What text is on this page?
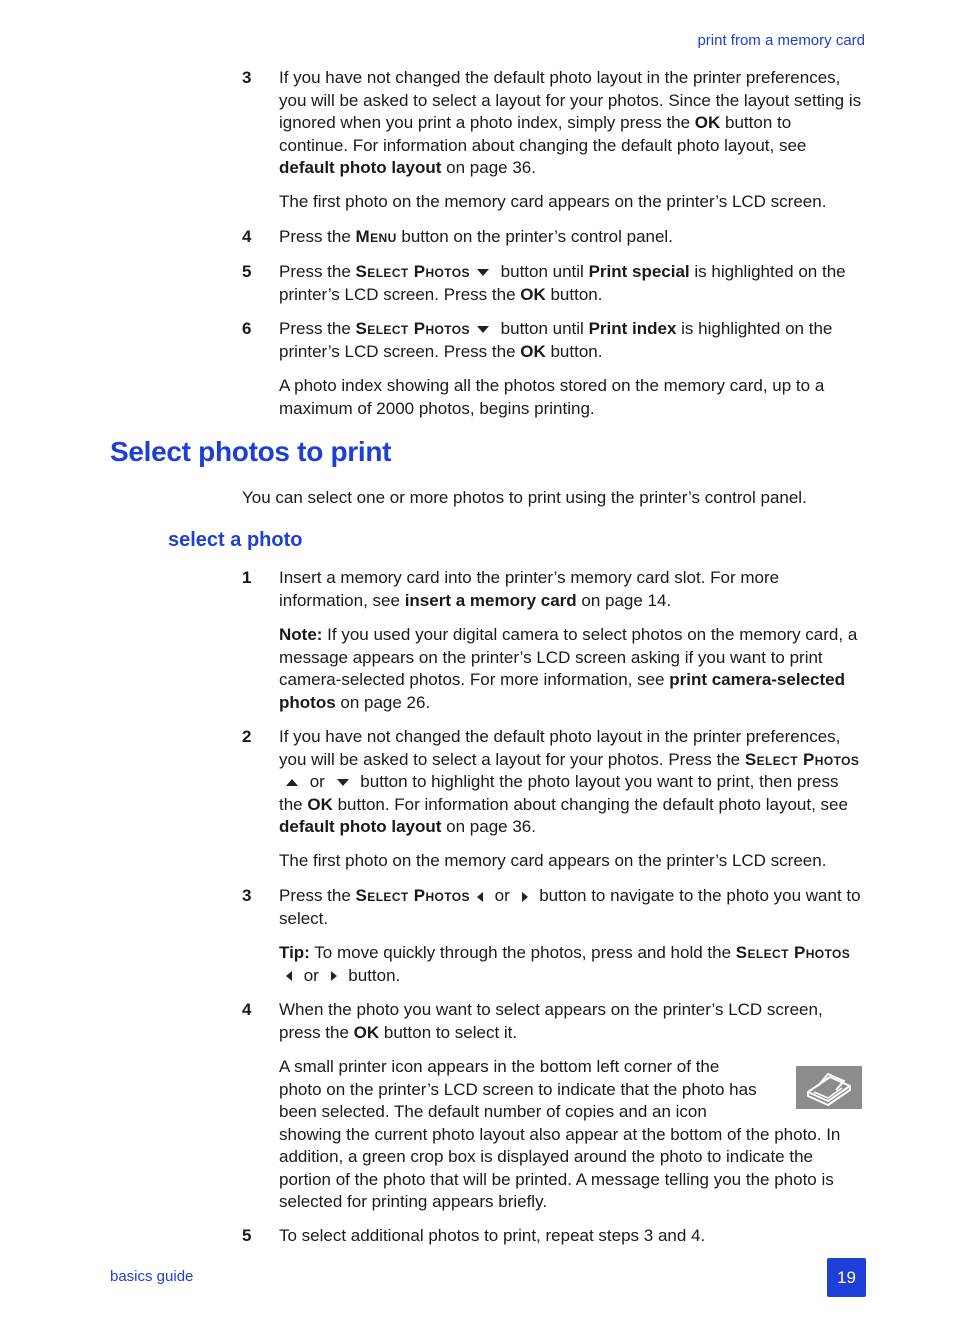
print from a memory card
3 If you have not changed the default photo layout in the printer preferences, you will be asked to select a layout for your photos. Since the layout setting is ignored when you print a photo index, simply press the OK button to continue. For information about changing the default photo layout, see default photo layout on page 36.
The first photo on the memory card appears on the printer’s LCD screen.
4 Press the Menu button on the printer’s control panel.
5 Press the Select Photos button until Print special is highlighted on the printer’s LCD screen. Press the OK button.
6 Press the Select Photos button until Print index is highlighted on the printer’s LCD screen. Press the OK button.
A photo index showing all the photos stored on the memory card, up to a maximum of 2000 photos, begins printing.
Select photos to print
You can select one or more photos to print using the printer’s control panel.
select a photo
1 Insert a memory card into the printer’s memory card slot. For more information, see insert a memory card on page 14.
Note: If you used your digital camera to select photos on the memory card, a message appears on the printer’s LCD screen asking if you want to print camera-selected photos. For more information, see print camera-selected photos on page 26.
2 If you have not changed the default photo layout in the printer preferences, you will be asked to select a layout for your photos. Press the Select Photos or  button to highlight the photo layout you want to print, then press the OK button. For information about changing the default photo layout, see default photo layout on page 36.
The first photo on the memory card appears on the printer’s LCD screen.
3 Press the Select Photos or  button to navigate to the photo you want to select.
Tip: To move quickly through the photos, press and hold the Select Photos or  button.
4 When the photo you want to select appears on the printer’s LCD screen, press the OK button to select it.
A small printer icon appears in the bottom left corner of the
photo on the printer’s LCD screen to indicate that the photo has
been selected. The default number of copies and an icon
showing the current photo layout also appear at the bottom of the photo. In addition, a green crop box is displayed around the photo to indicate the portion of the photo that will be printed. A message telling you the photo is selected for printing appears briefly.
5 To select additional photos to print, repeat steps 3 and 4.
basics guide	19
